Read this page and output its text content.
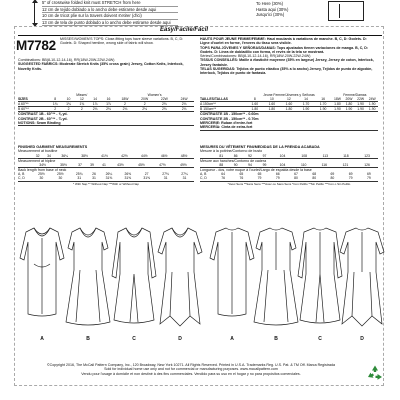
5" of crosswise folded knit must STRETCH from here
12 cm de tejido doblado a lo ancho debe estirarse desde aqui
10 cm de tricot plie sur la travers doivent s'etirer (d'ici)
13 cm de tela de punto doblado a lo ancho debe estirarse desde aqui
To Here (30%)
Hasta aqui (30%)
Jusqu'ici (30%)
Easy/Facile/Fácil
M7782 MISSES'/WOMEN'S TOPS: Close-fitting tops have sleeve variations. B, C, D: Godets. D: Shaped hemline, wrong side of fabric will show.
Combinations: BB(8-10-12-14-16), RR(18W-20W-22W-24W)
SUGGESTED FABRICS: Moderate Stretch Knits (35% cross grain) Jersey, Cotton Knits, Interlock, Novelty Knits.
HAUTS POUR JEUNE FEMME/FEMME: Haut moulants à variations de manche. B, C, D: Godets. D: Ligne d'ourlet en forme, l'envers du tissu sera visible.
TOPS PARA JÓVENES Y SEÑORAS/DAMAS: Tops ajustados tienen variaciones de manga. B, C, D: Godets. D: Línea de dobladillo con forma, el revés de la tela se mostrará.
Séries/Combinaciones: BB(8-10-12-14-16), RR(18W-20W-22W-24W)
TISSUS CONSEILLÉS: Maille à élasticité moyenne (35% en largeur) Jersey, Jersey de coton, Interlock, Jersey fantaisie.
TELAS SUGERIDAS: Tejidos de punto elástico (35% a lo ancho) Jersey, Tejidos de punto de algodón, Interlock, Tejidos de punto de fantasía.
	Misses'					Women's			
SIZES	8	10	12	14	16	18W	20W	22W	24W
A 60"**	1¾	1¾	1¾	1⅞	1⅞	2	2	2⅛	2⅛
B 60"**	2	2	2	2⅛	2⅛	2⅛	2⅛	2⅛	2⅛
CONTRAST 1B - 60"** - ⅝ yd.
CONTRAST 2B - 60"** - ¾ yd.
NOTIONS: Seam Binding
FINISHED GARMENT MEASUREMENTS
Measurement at bustline
	32	34	36¼	38½	41½	42½	44½	46½	48½
Measurement at hipline
	34½	35½	37	39	41	43½	45½	47½	49½
Back length from base of neck
A, B	25½	25½	25¾	26	26¼	26⅜	27	27⅛	27¼
C, D	30	30	31	31	31⅝	31⅝	31⅝	31	31
* With Nap ** Without Nap ***With or Without Nap
	Jeune Femme/Jóvenes y Señoras					Femme/Damas			
TAILLES/TALLAS	8	10	12	14	16	18W	20W	22W	24W
A 150cm**	1.60	1.60	1.60	1.70	1.70	1.80	1.80	1.90	1.90
B 150cm**	1.80	1.80	1.80	1.90	1.90	1.90	1.90	1.90	1.90
CONTRASTE 1B - 150cm** - 0.60m
CONTRASTE 2B - 150cm** - 0.70m
MERCERIE: Ruban d'entre-fort
MERCERÍA: Cinta de extra-fort
MESURES DU VÊTEMENT FINI/MEDIDAS DE LA PRENDA ACABADA
Mesure à la poitrine/Contorno de busto
	81	86	92	97	104	108	113	118	123
Mesure aux hanches/Contorno de cadera
	88	90	94	99	104	110	116	121	126
Longueur - dos, votre nuque à l'ourlet/Largo de espalda desde la base
A, B	64	65	65	66	67	68	69	69	69
C, D	76	76	79	79	80	80	80	79	79
*Avec Sens **Sans Sens ***Avec ou Sans Sens *Con Pelillo **Sin Pelillo ***Con o Sin Pelillo
A	B	C	D	A	B	C	D
©Copyright 2016, The McCall Pattern Company, Inc., 120 Broadway, New York 10271. All Rights Reserved. Printed in U.S.A. Trademarks Reg. U.S. Pat. & TM Off. Marca Registrada
Sold for individual home use only and not for commercial or manufacturing purposes. www.mccallpattern.com
Vendu pour l'usage à domicile et non destiné à des fins commerciales. Vendido para su uso en el hogar y no para propósitos comerciales.
